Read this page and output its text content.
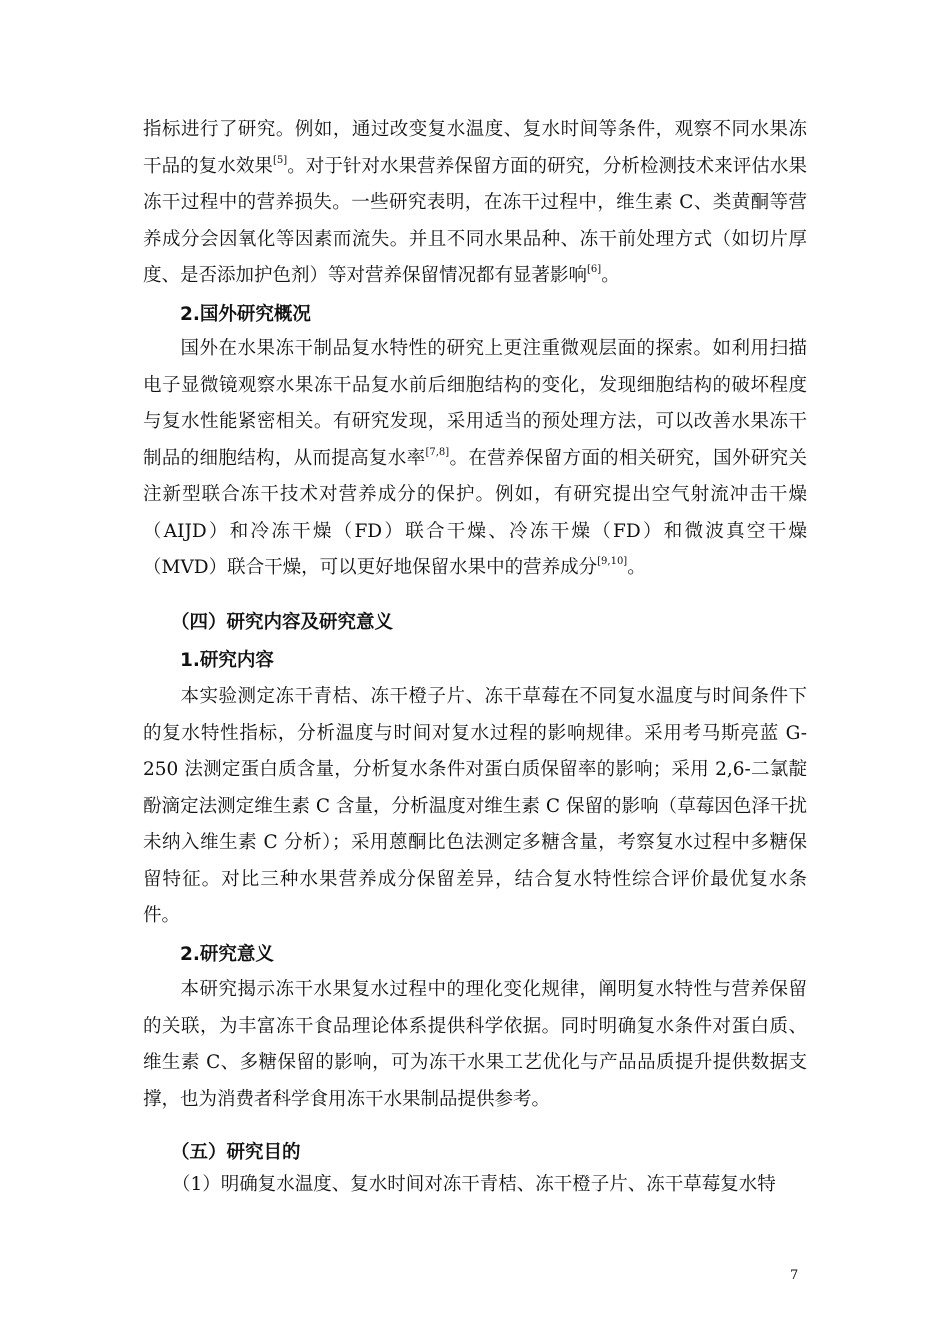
指标进行了研究。例如，通过改变复水温度、复水时间等条件，观察不同水果冻干品的复水效果[5]。对于针对水果营养保留方面的研究，分析检测技术来评估水果冻干过程中的营养损失。一些研究表明，在冻干过程中，维生素 C、类黄酮等营养成分会因氧化等因素而流失。并且不同水果品种、冻干前处理方式（如切片厚度、是否添加护色剂）等对营养保留情况都有显著影响[6]。

2.国外研究概况

国外在水果冻干制品复水特性的研究上更注重微观层面的探索。如利用扫描电子显微镜观察水果冻干品复水前后细胞结构的变化，发现细胞结构的破坏程度与复水性能紧密相关。有研究发现，采用适当的预处理方法，可以改善水果冻干制品的细胞结构，从而提高复水率[7,8]。在营养保留方面的相关研究，国外研究关注新型联合冻干技术对营养成分的保护。例如，有研究提出空气射流冲击干燥（AIJD）和冷冻干燥（FD）联合干燥、冷冻干燥（FD）和微波真空干燥（MVD）联合干燥，可以更好地保留水果中的营养成分[9,10]。

（四）研究内容及研究意义
1.研究内容

本实验测定冻干青桔、冻干橙子片、冻干草莓在不同复水温度与时间条件下的复水特性指标，分析温度与时间对复水过程的影响规律。采用考马斯亮蓝 G-250 法测定蛋白质含量，分析复水条件对蛋白质保留率的影响；采用 2,6-二氯靛酚滴定法测定维生素 C 含量，分析温度对维生素 C 保留的影响（草莓因色泽干扰未纳入维生素 C 分析）；采用蒽酮比色法测定多糖含量，考察复水过程中多糖保留特征。对比三种水果营养成分保留差异，结合复水特性综合评价最优复水条件。

2.研究意义

本研究揭示冻干水果复水过程中的理化变化规律，阐明复水特性与营养保留的关联，为丰富冻干食品理论体系提供科学依据。同时明确复水条件对蛋白质、维生素 C、多糖保留的影响，可为冻干水果工艺优化与产品品质提升提供数据支撑，也为消费者科学食用冻干水果制品提供参考。

（五）研究目的

（1）明确复水温度、复水时间对冻干青桔、冻干橙子片、冻干草莓复水特

7
